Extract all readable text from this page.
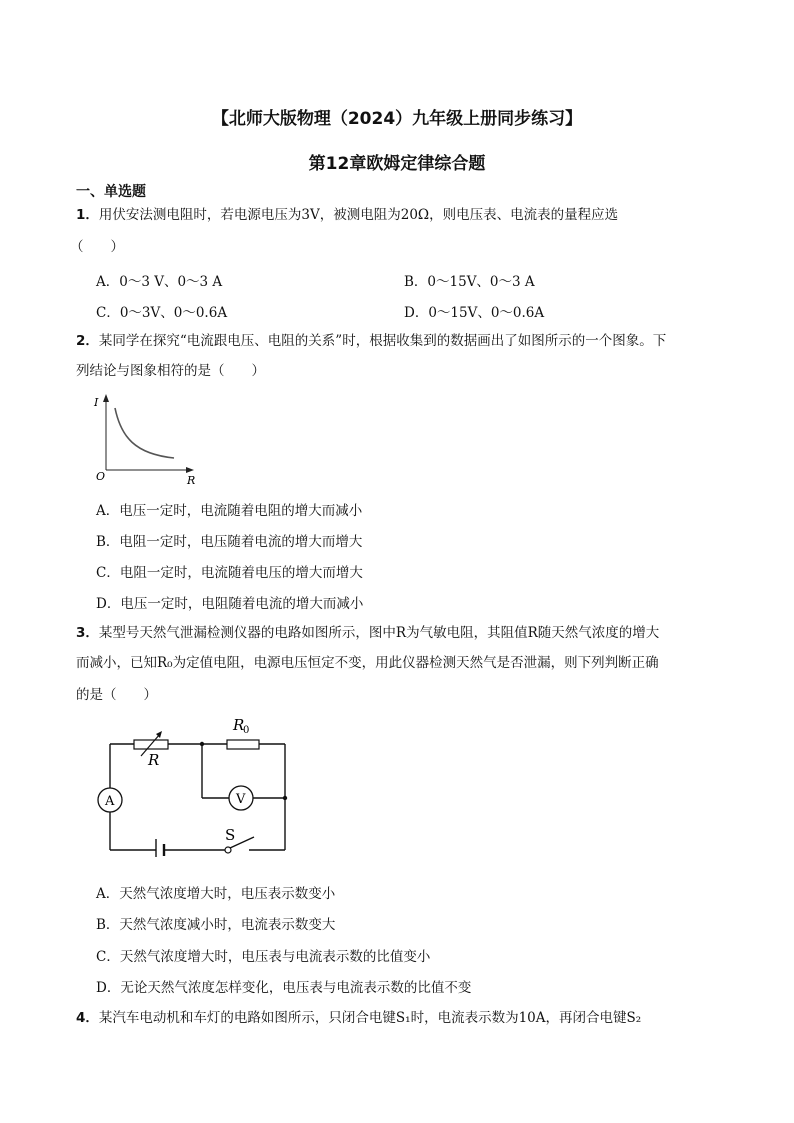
【北师大版物理（2024）九年级上册同步练习】
第12章欧姆定律综合题
一、单选题
1．用伏安法测电阻时，若电源电压为3V，被测电阻为20Ω，则电压表、电流表的量程应选
（　　）
A．0～3 V、0～3 A	B．0～15V、0～3 A
C．0～3V、0～0.6A	D．0～15V、0～0.6A
2．某同学在探究“电流跟电压、电阻的关系”时，根据收集到的数据画出了如图所示的一个图象。下
列结论与图象相符的是（　　）
I
O	R
A．电压一定时，电流随着电阻的增大而减小
B．电阻一定时，电压随着电流的增大而增大
C．电阻一定时，电流随着电压的增大而增大
D．电压一定时，电阻随着电流的增大而减小
3．某型号天然气泄漏检测仪器的电路如图所示，图中R为气敏电阻，其阻值R随天然气浓度的增大
而减小，已知R₀为定值电阻，电源电压恒定不变，用此仪器检测天然气是否泄漏，则下列判断正确
的是（　　）
R
R
0
A	V
S
A．天然气浓度增大时，电压表示数变小
B．天然气浓度减小时，电流表示数变大
C．天然气浓度增大时，电压表与电流表示数的比值变小
D．无论天然气浓度怎样变化，电压表与电流表示数的比值不变
4．某汽车电动机和车灯的电路如图所示，只闭合电键S₁时，电流表示数为10A，再闭合电键S₂
